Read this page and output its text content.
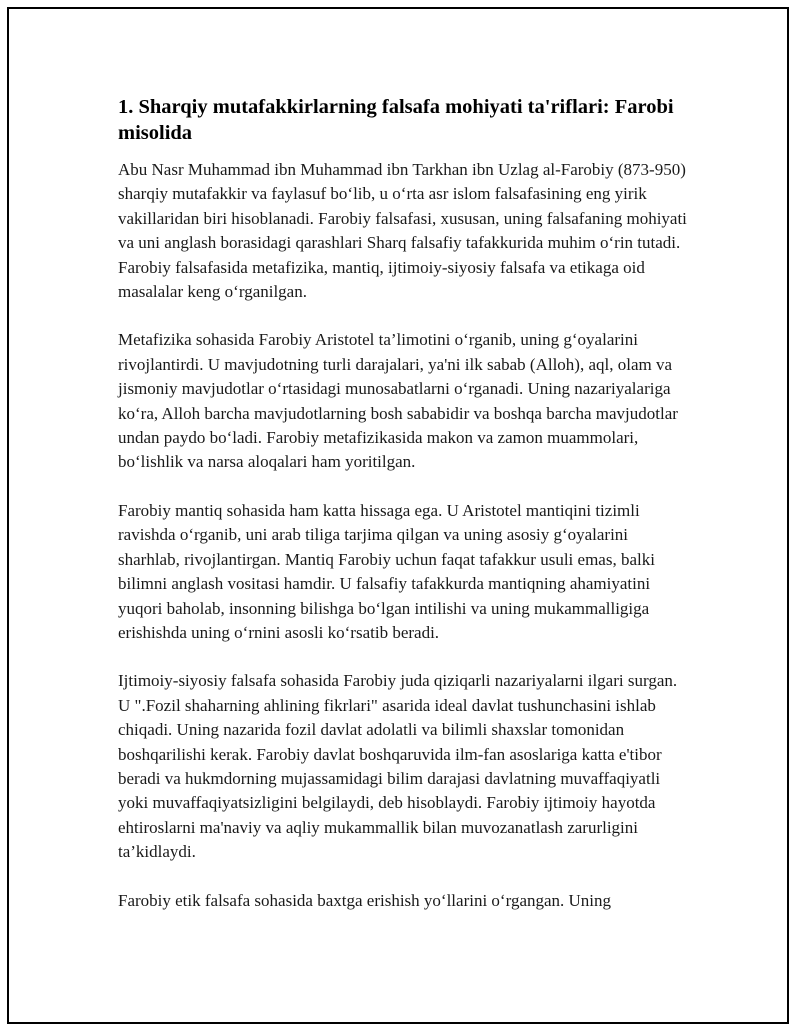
1. Sharqiy mutafakkirlarning falsafa mohiyati ta'riflari: Farobi misolida

Abu Nasr Muhammad ibn Muhammad ibn Tarkhan ibn Uzlag al-Farobiy (873-950) sharqiy mutafakkir va faylasuf bo‘lib, u o‘rta asr islom falsafasining eng yirik vakillaridan biri hisoblanadi. Farobiy falsafasi, xususan, uning falsafaning mohiyati va uni anglash borasidagi qarashlari Sharq falsafiy tafakkurida muhim o‘rin tutadi. Farobiy falsafasida metafizika, mantiq, ijtimoiy-siyosiy falsafa va etikaga oid masalalar keng o‘rganilgan.

Metafizika sohasida Farobiy Aristotel ta’limotini o‘rganib, uning g‘oyalarini rivojlantirdi. U mavjudotning turli darajalari, ya'ni ilk sabab (Alloh), aql, olam va jismoniy mavjudotlar o‘rtasidagi munosabatlarni o‘rganadi. Uning nazariyalariga ko‘ra, Alloh barcha mavjudotlarning bosh sababidir va boshqa barcha mavjudotlar undan paydo bo‘ladi. Farobiy metafizikasida makon va zamon muammolari, bo‘lishlik va narsa aloqalari ham yoritilgan.

Farobiy mantiq sohasida ham katta hissaga ega. U Aristotel mantiqini tizimli ravishda o‘rganib, uni arab tiliga tarjima qilgan va uning asosiy g‘oyalarini sharhlab, rivojlantirgan. Mantiq Farobiy uchun faqat tafakkur usuli emas, balki bilimni anglash vositasi hamdir. U falsafiy tafakkurda mantiqning ahamiyatini yuqori baholab, insonning bilishga bo‘lgan intilishi va uning mukammalligiga erishishda uning o‘rnini asosli ko‘rsatib beradi.

Ijtimoiy-siyosiy falsafa sohasida Farobiy juda qiziqarli nazariyalarni ilgari surgan. U ".Fozil shaharning ahlining fikrlari" asarida ideal davlat tushunchasini ishlab chiqadi. Uning nazarida fozil davlat adolatli va bilimli shaxslar tomonidan boshqarilishi kerak. Farobiy davlat boshqaruvida ilm-fan asoslariga katta e'tibor beradi va hukmdorning mujassamidagi bilim darajasi davlatning muvaffaqiyatli yoki muvaffaqiyatsizligini belgilaydi, deb hisoblaydi. Farobiy ijtimoiy hayotda ehtiroslarni ma'naviy va aqliy mukammallik bilan muvozanatlash zarurligini ta’kidlaydi.

Farobiy etik falsafa sohasida baxtga erishish yo‘llarini o‘rgangan. Uning
